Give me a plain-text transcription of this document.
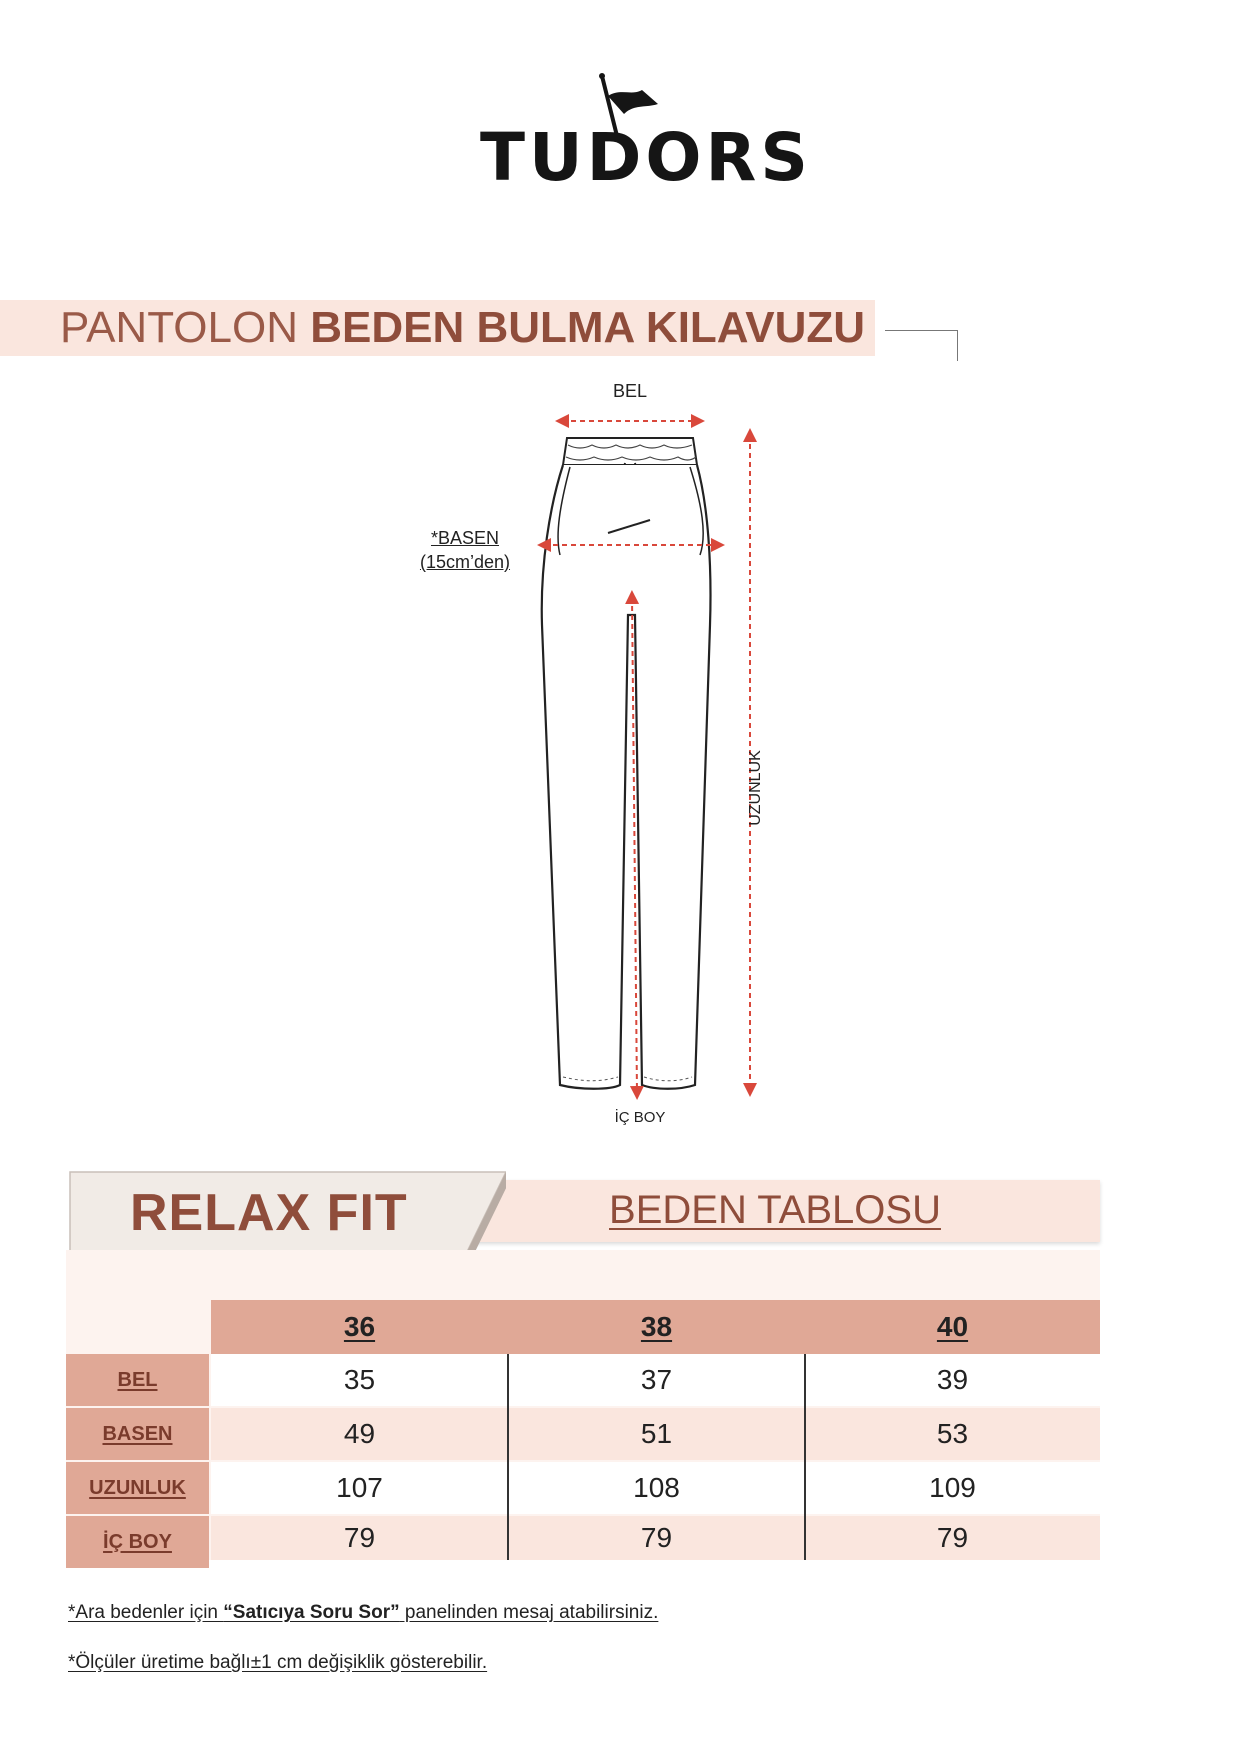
TUDORS
PANTOLON BEDEN BULMA KILAVUZU
BEL
*BASEN
(15cm’den)
UZUNLUK
İÇ BOY
RELAX FIT	BEDEN TABLOSU
36	38	40
BEL	35	37	39
BASEN	49	51	53
UZUNLUK	107	108	109
İÇ BOY	79	79	79
*Ara bedenler için “Satıcıya Soru Sor” panelinden mesaj atabilirsiniz.
*Ölçüler üretime bağlı±1 cm değişiklik gösterebilir.
